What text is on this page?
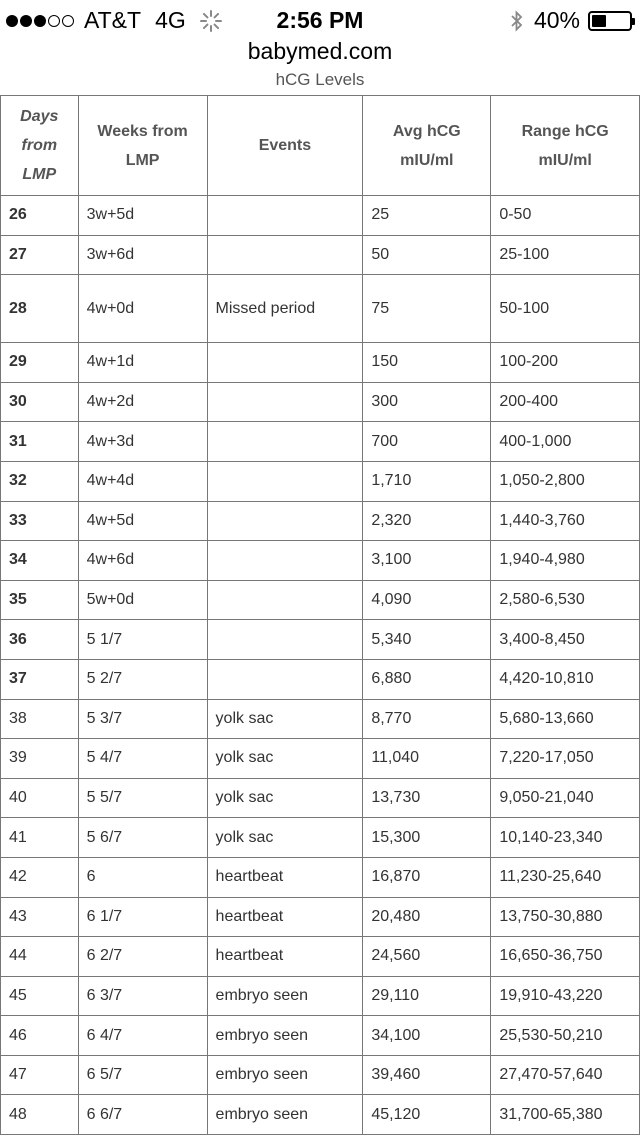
AT&T 4G	2:56 PM	40%
babymed.com
hCG Levels
Days from LMP	Weeks from LMP	Events	Avg hCG mIU/ml	Range hCG mIU/ml
26	3w+5d		25	0-50
27	3w+6d		50	25-100
28	4w+0d	Missed period	75	50-100
29	4w+1d		150	100-200
30	4w+2d		300	200-400
31	4w+3d		700	400-1,000
32	4w+4d		1,710	1,050-2,800
33	4w+5d		2,320	1,440-3,760
34	4w+6d		3,100	1,940-4,980
35	5w+0d		4,090	2,580-6,530
36	5 1/7		5,340	3,400-8,450
37	5 2/7		6,880	4,420-10,810
38	5 3/7	yolk sac	8,770	5,680-13,660
39	5 4/7	yolk sac	11,040	7,220-17,050
40	5 5/7	yolk sac	13,730	9,050-21,040
41	5 6/7	yolk sac	15,300	10,140-23,340
42	6	heartbeat	16,870	11,230-25,640
43	6 1/7	heartbeat	20,480	13,750-30,880
44	6 2/7	heartbeat	24,560	16,650-36,750
45	6 3/7	embryo seen	29,110	19,910-43,220
46	6 4/7	embryo seen	34,100	25,530-50,210
47	6 5/7	embryo seen	39,460	27,470-57,640
48	6 6/7	embryo seen	45,120	31,700-65,380
